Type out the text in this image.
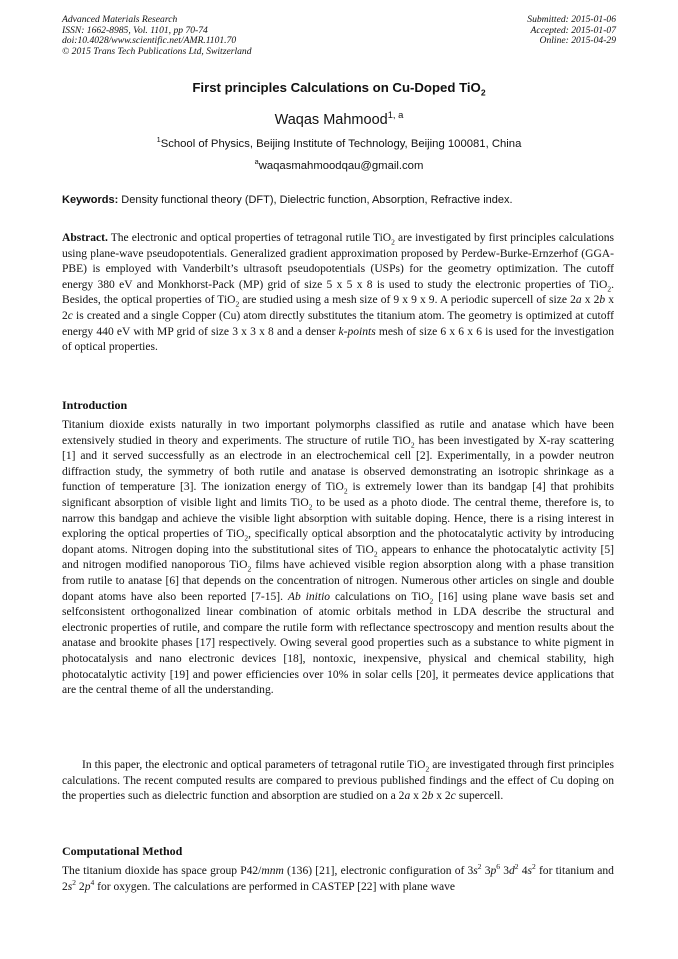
Advanced Materials Research
ISSN: 1662-8985, Vol. 1101, pp 70-74
doi:10.4028/www.scientific.net/AMR.1101.70
© 2015 Trans Tech Publications Ltd, Switzerland
Submitted: 2015-01-06
Accepted: 2015-01-07
Online: 2015-04-29
First principles Calculations on Cu-Doped TiO$_2$
Waqas Mahmood$^{1, a}$
$^1$School of Physics, Beijing Institute of Technology, Beijing 100081, China
$^a$waqasmahmoodqau@gmail.com
Keywords: Density functional theory (DFT), Dielectric function, Absorption, Refractive index.
Abstract. The electronic and optical properties of tetragonal rutile TiO$_2$ are investigated by first principles calculations using plane-wave pseudopotentials. Generalized gradient approximation proposed by Perdew-Burke-Ernzerhof (GGA-PBE) is employed with Vanderbilt’s ultrasoft pseudopotentials (USPs) for the geometry optimization. The cutoff energy 380 eV and Monkhorst-Pack (MP) grid of size 5 x 5 x 8 is used to study the electronic properties of TiO$_2$. Besides, the optical properties of TiO$_2$ are studied using a mesh size of 9 x 9 x 9. A periodic supercell of size 2a x 2b x 2c is created and a single Copper (Cu) atom directly substitutes the titanium atom. The geometry is optimized at cutoff energy 440 eV with MP grid of size 3 x 3 x 8 and a denser k-points mesh of size 6 x 6 x 6 is used for the investigation of optical properties.
Introduction
Titanium dioxide exists naturally in two important polymorphs classified as rutile and anatase which have been extensively studied in theory and experiments. The structure of rutile TiO$_2$ has been investigated by X-ray scattering [1] and it served successfully as an electrode in an electrochemical cell [2]. Experimentally, in a powder neutron diffraction study, the symmetry of both rutile and anatase is observed demonstrating an isotropic shrinkage as a function of temperature [3]. The ionization energy of TiO$_2$ is extremely lower than its bandgap [4] that prohibits significant absorption of visible light and limits TiO$_2$ to be used as a photo diode. The central theme, therefore is, to narrow this bandgap and achieve the visible light absorption with suitable doping. Hence, there is a rising interest in exploring the optical properties of TiO$_2$, specifically optical absorption and the photocatalytic activity by introducing dopant atoms. Nitrogen doping into the substitutional sites of TiO$_2$ appears to enhance the photocatalytic activity [5] and nitrogen modified nanoporous TiO$_2$ films have achieved visible region absorption along with a phase transition from rutile to anatase [6] that depends on the concentration of nitrogen. Numerous other articles on single and double dopant atoms have also been reported [7-15]. Ab initio calculations on TiO$_2$ [16] using plane wave basis set and selfconsistent orthogonalized linear combination of atomic orbitals method in LDA describe the structural and electronic properties of rutile, and compare the rutile form with reflectance spectroscopy and mention results about the anatase and brookite phases [17] respectively. Owing several good properties such as a substance to white pigment in photocatalysis and nano electronic devices [18], nontoxic, inexpensive, physical and chemical stability, high photocatalytic activity [19] and power efficiencies over 10% in solar cells [20], it permeates device applications that are the central theme of all the understanding.
In this paper, the electronic and optical parameters of tetragonal rutile TiO$_2$ are investigated through first principles calculations. The recent computed results are compared to previous published findings and the effect of Cu doping on the properties such as dielectric function and absorption are studied on a 2a x 2b x 2c supercell.
Computational Method
The titanium dioxide has space group P42/mnm (136) [21], electronic configuration of $3s^2$ $3p^6$ $3d^2$ $4s^2$ for titanium and $2s^2$ $2p^4$ for oxygen. The calculations are performed in CASTEP [22] with plane wave
